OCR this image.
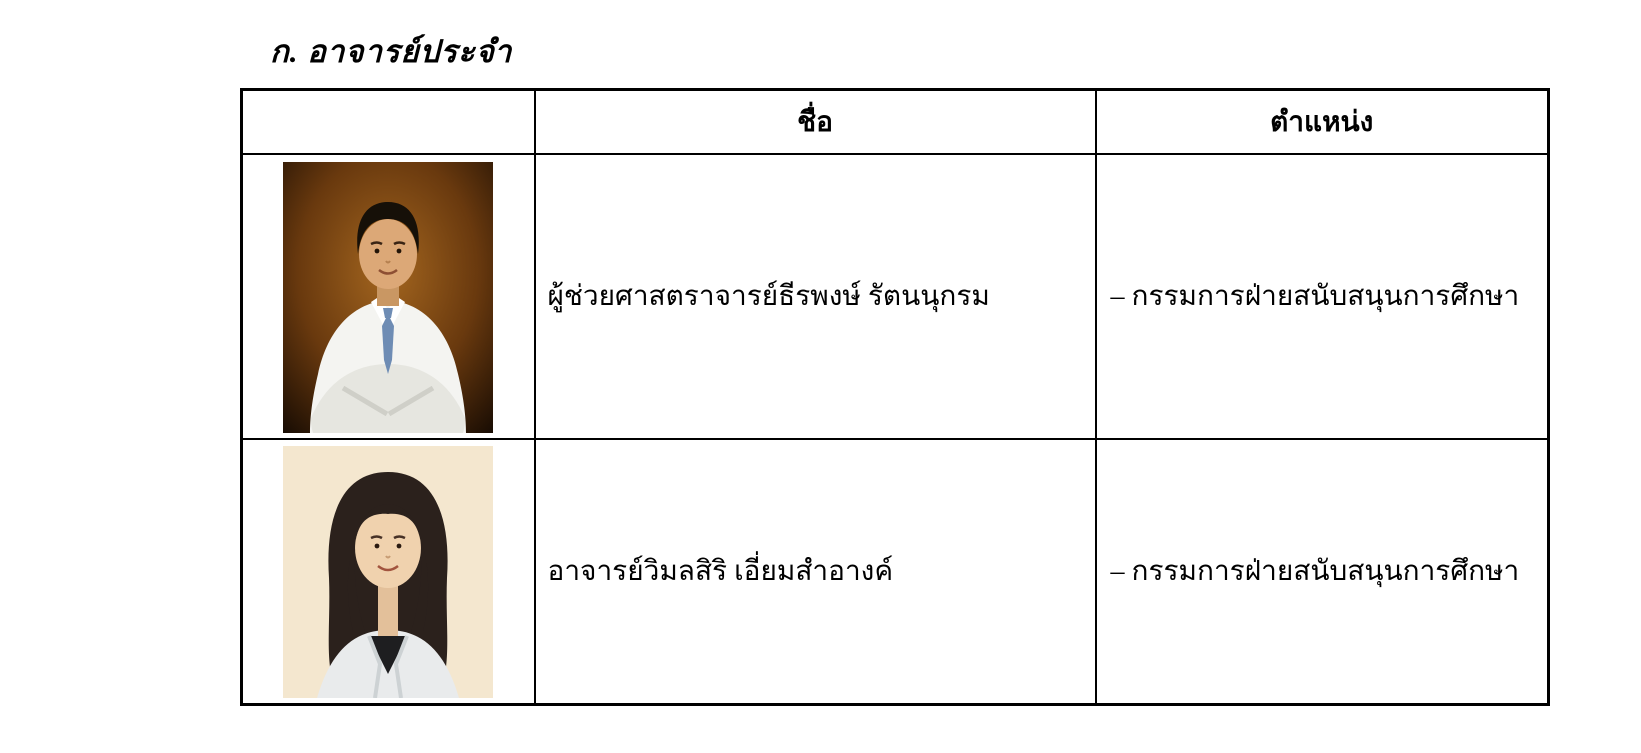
ก. อาจารย์ประจำ
	ชื่อ	ตำแหน่ง

	ผู้ช่วยศาสตราจารย์ธีรพงษ์ รัตนนุกรม	– กรรมการฝ่ายสนับสนุนการศึกษา

	อาจารย์วิมลสิริ เอี่ยมสำอางค์	– กรรมการฝ่ายสนับสนุนการศึกษา
